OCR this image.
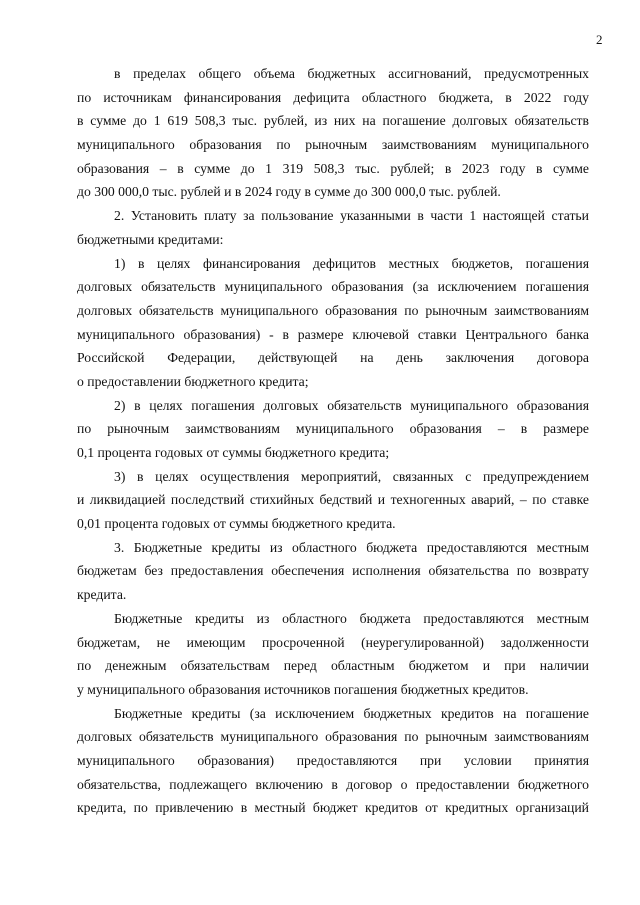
2
в пределах общего объема бюджетных ассигнований, предусмотренных
по источникам финансирования дефицита областного бюджета, в 2022 году
в сумме до 1 619 508,3 тыс. рублей, из них на погашение долговых обязательств
муниципального образования по рыночным заимствованиям муниципального
образования – в сумме до 1 319 508,3 тыс. рублей; в 2023 году в сумме
до 300 000,0 тыс. рублей и в 2024 году в сумме до 300 000,0 тыс. рублей.
2. Установить плату за пользование указанными в части 1 настоящей статьи
бюджетными кредитами:
1) в целях финансирования дефицитов местных бюджетов, погашения
долговых обязательств муниципального образования (за исключением погашения
долговых обязательств муниципального образования по рыночным заимствованиям
муниципального образования) - в размере ключевой ставки Центрального банка
Российской Федерации, действующей на день заключения договора
о предоставлении бюджетного кредита;
2) в целях погашения долговых обязательств муниципального образования
по рыночным заимствованиям муниципального образования – в размере
0,1 процента годовых от суммы бюджетного кредита;
3) в целях осуществления мероприятий, связанных с предупреждением
и ликвидацией последствий стихийных бедствий и техногенных аварий, – по ставке
0,01 процента годовых от суммы бюджетного кредита.
3. Бюджетные кредиты из областного бюджета предоставляются местным
бюджетам без предоставления обеспечения исполнения обязательства по возврату
кредита.
Бюджетные кредиты из областного бюджета предоставляются местным
бюджетам, не имеющим просроченной (неурегулированной) задолженности
по денежным обязательствам перед областным бюджетом и при наличии
у муниципального образования источников погашения бюджетных кредитов.
Бюджетные кредиты (за исключением бюджетных кредитов на погашение
долговых обязательств муниципального образования по рыночным заимствованиям
муниципального образования) предоставляются при условии принятия
обязательства, подлежащего включению в договор о предоставлении бюджетного
кредита, по привлечению в местный бюджет кредитов от кредитных организаций
